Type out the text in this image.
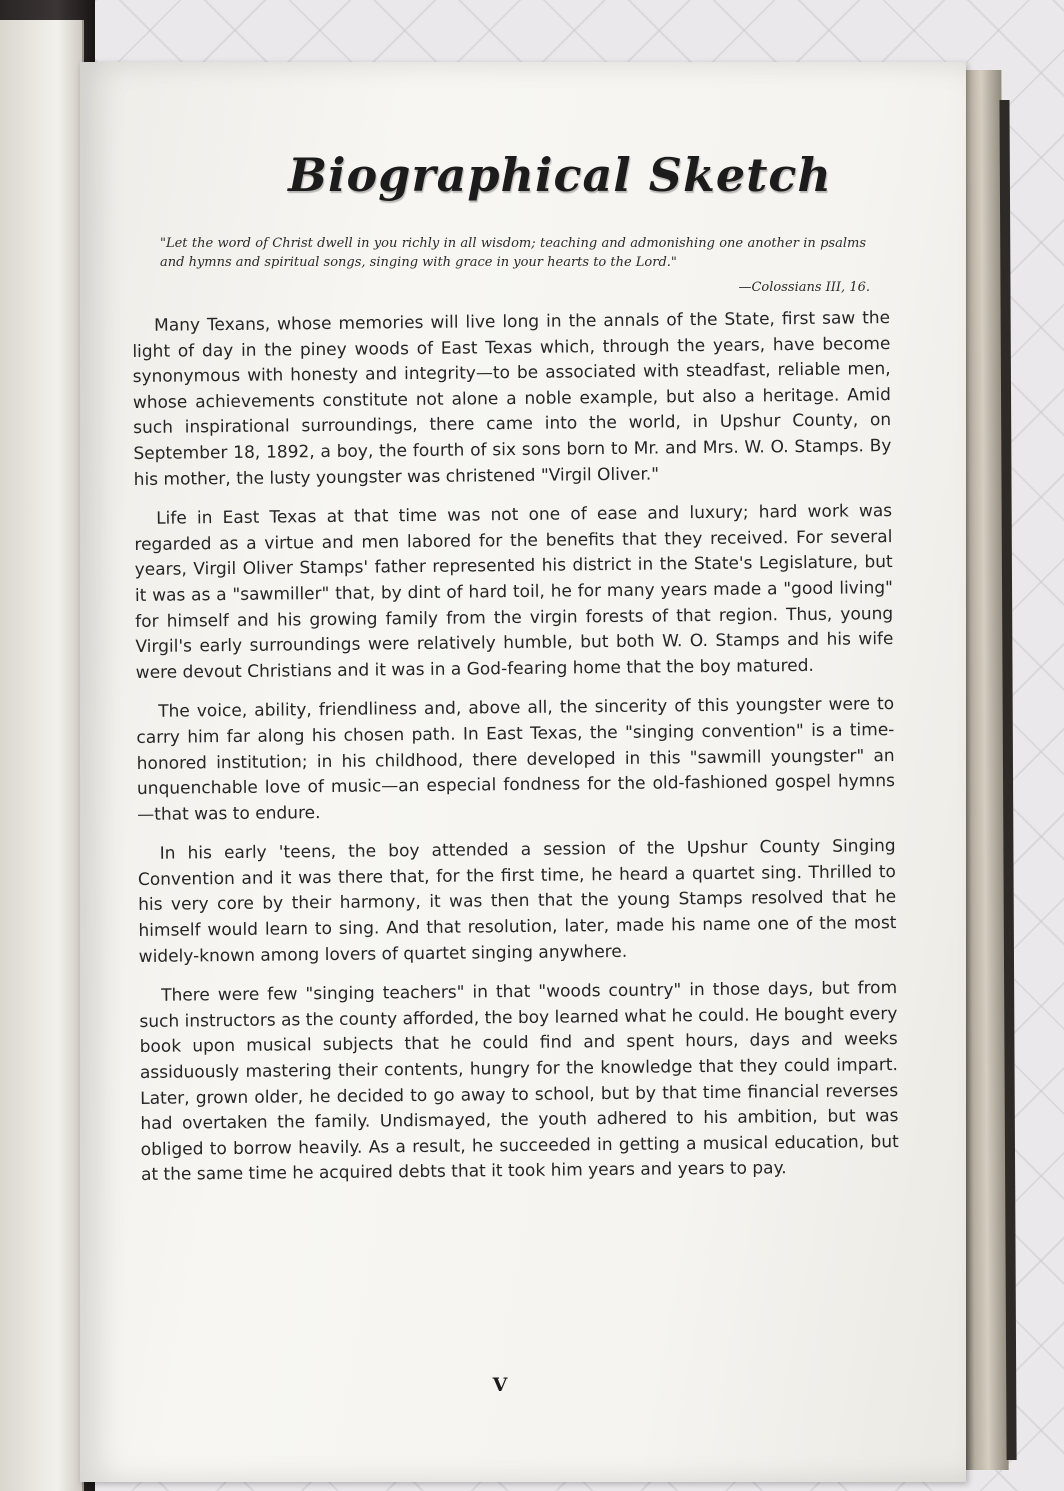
Biographical Sketch
"Let the word of Christ dwell in you richly in all wisdom; teaching and admonishing one another in psalms and hymns and spiritual songs, singing with grace in your hearts to the Lord."
—Colossians III, 16.

Many Texans, whose memories will live long in the annals of the State, first saw the light of day in the piney woods of East Texas which, through the years, have become synonymous with honesty and integrity—to be associated with steadfast, reliable men, whose achievements constitute not alone a noble example, but also a heritage. Amid such inspirational surroundings, there came into the world, in Upshur County, on September 18, 1892, a boy, the fourth of six sons born to Mr. and Mrs. W. O. Stamps. By his mother, the lusty youngster was christened "Virgil Oliver."

Life in East Texas at that time was not one of ease and luxury; hard work was regarded as a virtue and men labored for the benefits that they received. For several years, Virgil Oliver Stamps' father represented his district in the State's Legislature, but it was as a "sawmiller" that, by dint of hard toil, he for many years made a "good living" for himself and his growing family from the virgin forests of that region. Thus, young Virgil's early surroundings were relatively humble, but both W. O. Stamps and his wife were devout Christians and it was in a God-fearing home that the boy matured.

The voice, ability, friendliness and, above all, the sincerity of this youngster were to carry him far along his chosen path. In East Texas, the "singing convention" is a time-honored institution; in his childhood, there developed in this "sawmill youngster" an unquenchable love of music—an especial fondness for the old-fashioned gospel hymns—that was to endure.

In his early 'teens, the boy attended a session of the Upshur County Singing Convention and it was there that, for the first time, he heard a quartet sing. Thrilled to his very core by their harmony, it was then that the young Stamps resolved that he himself would learn to sing. And that resolution, later, made his name one of the most widely-known among lovers of quartet singing anywhere.

There were few "singing teachers" in that "woods country" in those days, but from such instructors as the county afforded, the boy learned what he could. He bought every book upon musical subjects that he could find and spent hours, days and weeks assiduously mastering their contents, hungry for the knowledge that they could impart. Later, grown older, he decided to go away to school, but by that time financial reverses had overtaken the family. Undismayed, the youth adhered to his ambition, but was obliged to borrow heavily. As a result, he succeeded in getting a musical education, but at the same time he acquired debts that it took him years and years to pay.

V
